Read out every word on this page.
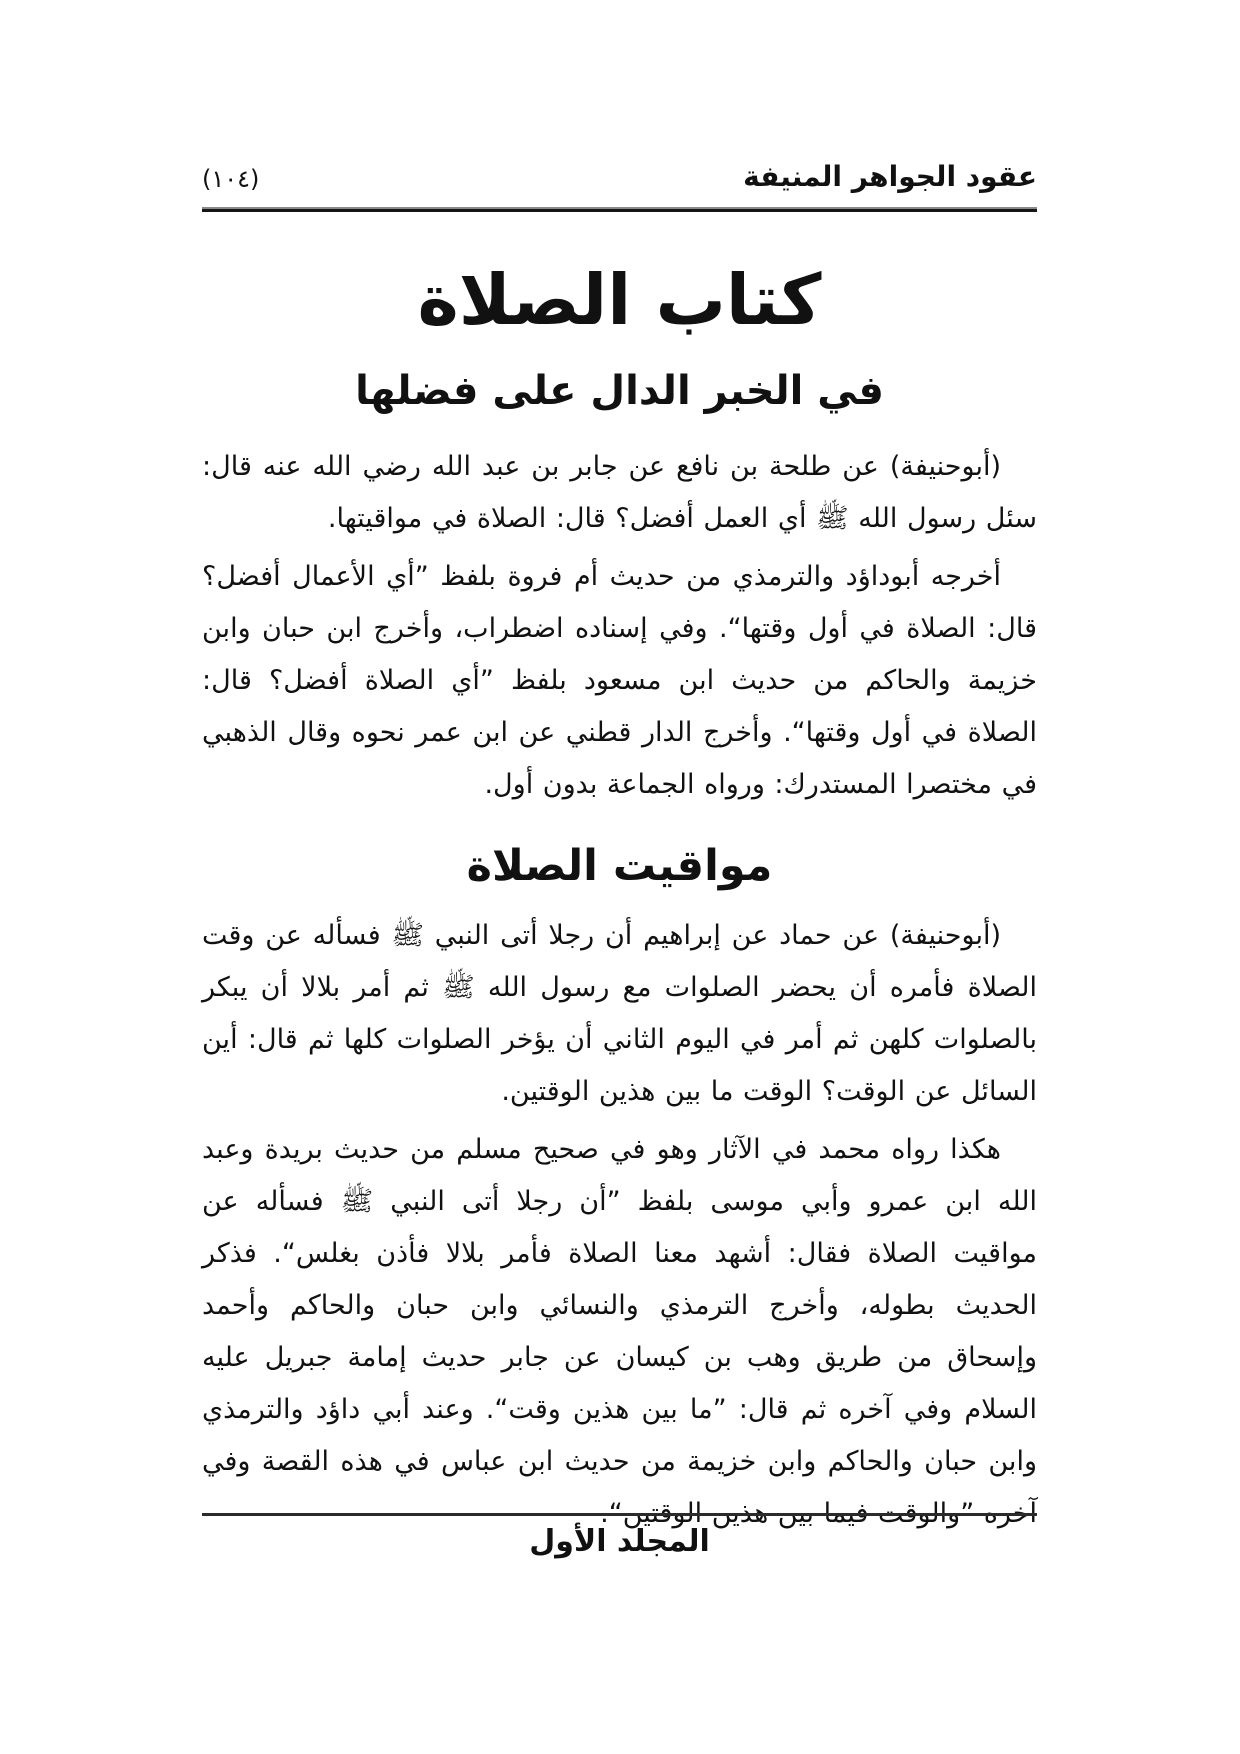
عقود الجواهر المنيفة
(١٠٤)
كتاب الصلاة
في الخبر الدال على فضلها

(أبوحنيفة) عن طلحة بن نافع عن جابر بن عبد الله رضي الله عنه قال: سئل رسول الله ﷺ أي العمل أفضل؟ قال: الصلاة في مواقيتها.

أخرجه أبوداؤد والترمذي من حديث أم فروة بلفظ ”أي الأعمال أفضل؟ قال: الصلاة في أول وقتها“. وفي إسناده اضطراب، وأخرج ابن حبان وابن خزيمة والحاكم من حديث ابن مسعود بلفظ ”أي الصلاة أفضل؟ قال: الصلاة في أول وقتها“. وأخرج الدار قطني عن ابن عمر نحوه وقال الذهبي في مختصرا المستدرك: ورواه الجماعة بدون أول.

مواقيت الصلاة

(أبوحنيفة) عن حماد عن إبراهيم أن رجلا أتى النبي ﷺ فسأله عن وقت الصلاة فأمره أن يحضر الصلوات مع رسول الله ﷺ ثم أمر بلالا أن يبكر بالصلوات كلهن ثم أمر في اليوم الثاني أن يؤخر الصلوات كلها ثم قال: أين السائل عن الوقت؟ الوقت ما بين هذين الوقتين.

هكذا رواه محمد في الآثار وهو في صحيح مسلم من حديث بريدة وعبد الله ابن عمرو وأبي موسى بلفظ ”أن رجلا أتى النبي ﷺ فسأله عن مواقيت الصلاة فقال: أشهد معنا الصلاة فأمر بلالا فأذن بغلس“. فذكر الحديث بطوله، وأخرج الترمذي والنسائي وابن حبان والحاكم وأحمد وإسحاق من طريق وهب بن كيسان عن جابر حديث إمامة جبريل عليه السلام وفي آخره ثم قال: ”ما بين هذين وقت“. وعند أبي داؤد والترمذي وابن حبان والحاكم وابن خزيمة من حديث ابن عباس في هذه القصة وفي آخره ”والوقت فيما بين هذين الوقتين“.

المجلد الأول
